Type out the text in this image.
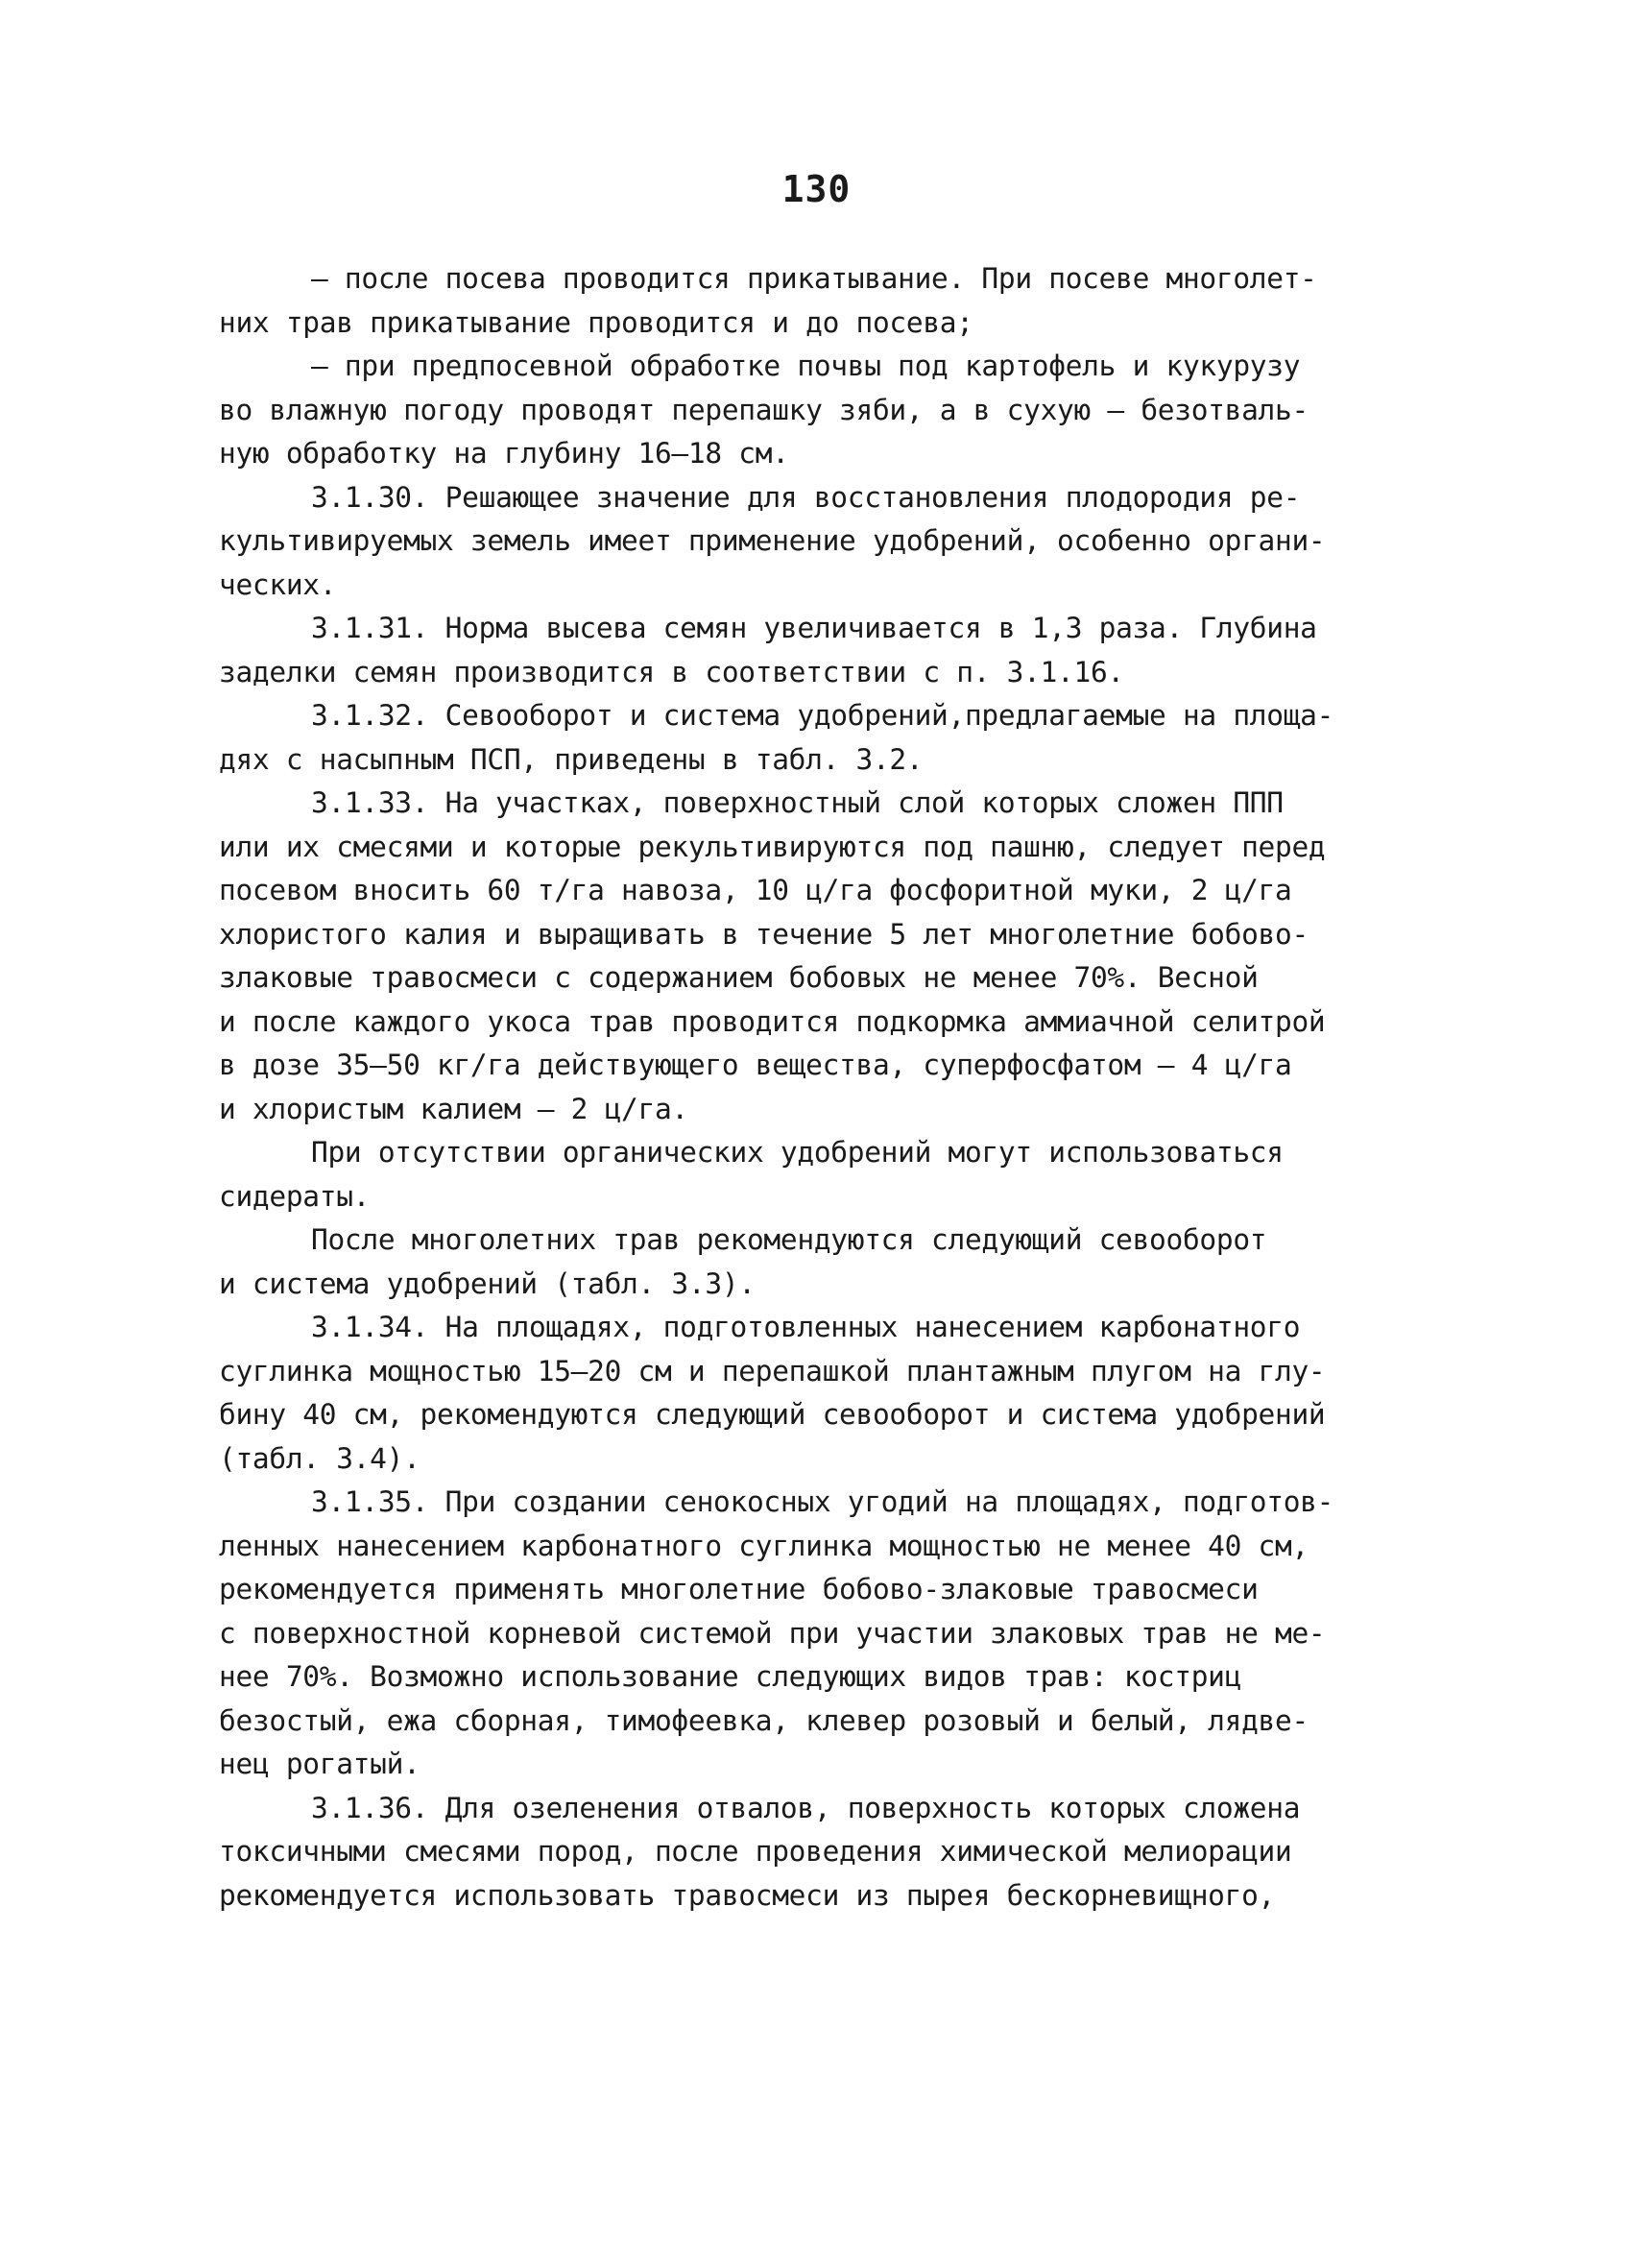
130
– после посева проводится прикатывание. При посеве многолет-
них трав прикатывание проводится и до посева;
– при предпосевной обработке почвы под картофель и кукурузу
во влажную погоду проводят перепашку зяби, а в сухую – безотваль-
ную обработку на глубину 16–18 см.
3.1.30. Решающее значение для восстановления плодородия ре-
культивируемых земель имеет применение удобрений, особенно органи-
ческих.
3.1.31. Норма высева семян увеличивается в 1,3 раза. Глубина
заделки семян производится в соответствии с п. 3.1.16.
3.1.32. Севооборот и система удобрений,предлагаемые на площа-
дях с насыпным ПСП, приведены в табл. 3.2.
3.1.33. На участках, поверхностный слой которых сложен ППП
или их смесями и которые рекультивируются под пашню, следует перед
посевом вносить 60 т/га навоза, 10 ц/га фосфоритной муки, 2 ц/га
хлористого калия и выращивать в течение 5 лет многолетние бобово-
злаковые травосмеси с содержанием бобовых не менее 70%. Весной
и после каждого укоса трав проводится подкормка аммиачной селитрой
в дозе 35–50 кг/га действующего вещества, суперфосфатом – 4 ц/га
и хлористым калием – 2 ц/га.
При отсутствии органических удобрений могут использоваться
сидераты.
После многолетних трав рекомендуются следующий севооборот
и система удобрений (табл. 3.3).
3.1.34. На площадях, подготовленных нанесением карбонатного
суглинка мощностью 15–20 см и перепашкой плантажным плугом на глу-
бину 40 см, рекомендуются следующий севооборот и система удобрений
(табл. 3.4).
3.1.35. При создании сенокосных угодий на площадях, подготов-
ленных нанесением карбонатного суглинка мощностью не менее 40 см,
рекомендуется применять многолетние бобово-злаковые травосмеси
с поверхностной корневой системой при участии злаковых трав не ме-
нее 70%. Возможно использование следующих видов трав: костриц
безостый, ежа сборная, тимофеевка, клевер розовый и белый, лядве-
нец рогатый.
3.1.36. Для озеленения отвалов, поверхность которых сложена
токсичными смесями пород, после проведения химической мелиорации
рекомендуется использовать травосмеси из пырея бескорневищного,
